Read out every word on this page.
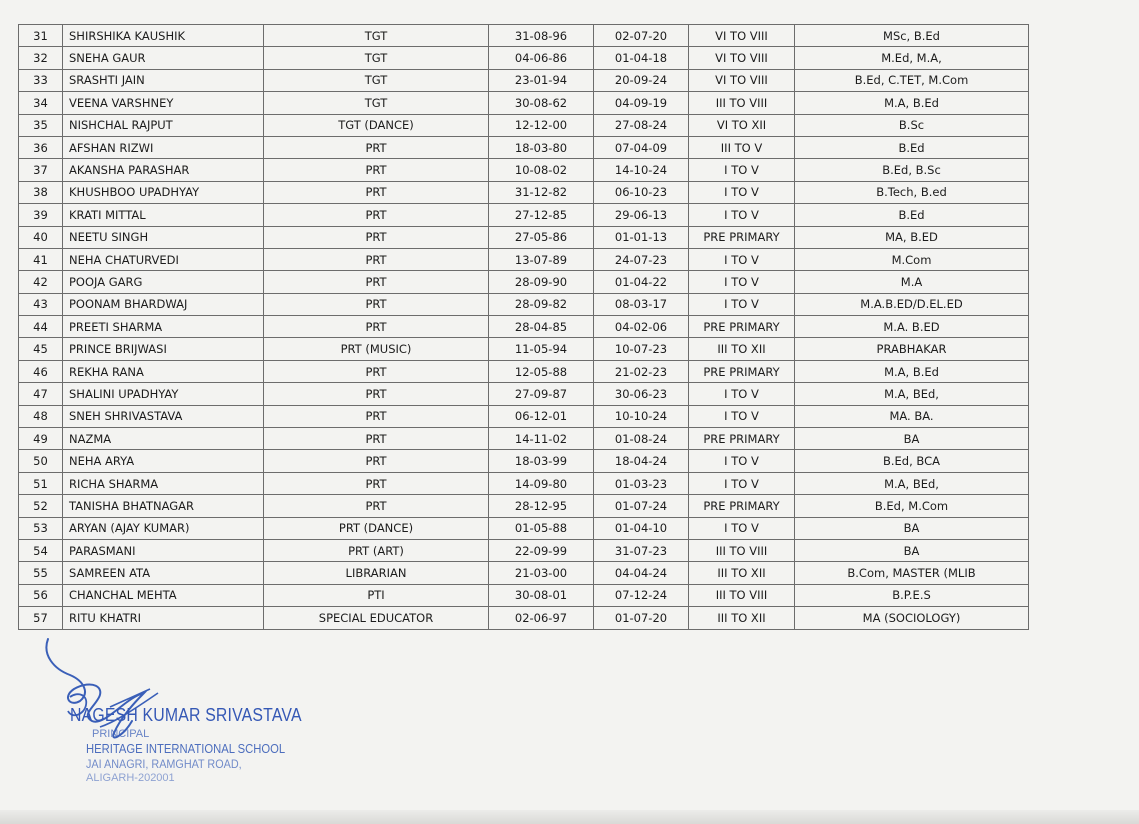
31	SHIRSHIKA KAUSHIK	TGT	31-08-96	02-07-20	VI TO VIII	MSc, B.Ed
32	SNEHA GAUR	TGT	04-06-86	01-04-18	VI TO VIII	M.Ed, M.A,
33	SRASHTI JAIN	TGT	23-01-94	20-09-24	VI TO VIII	B.Ed, C.TET, M.Com
34	VEENA VARSHNEY	TGT	30-08-62	04-09-19	III TO VIII	M.A, B.Ed
35	NISHCHAL RAJPUT	TGT (DANCE)	12-12-00	27-08-24	VI TO XII	B.Sc
36	AFSHAN RIZWI	PRT	18-03-80	07-04-09	III TO V	B.Ed
37	AKANSHA PARASHAR	PRT	10-08-02	14-10-24	I TO V	B.Ed, B.Sc
38	KHUSHBOO UPADHYAY	PRT	31-12-82	06-10-23	I TO V	B.Tech, B.ed
39	KRATI MITTAL	PRT	27-12-85	29-06-13	I TO V	B.Ed
40	NEETU SINGH	PRT	27-05-86	01-01-13	PRE PRIMARY	MA, B.ED
41	NEHA CHATURVEDI	PRT	13-07-89	24-07-23	I TO V	M.Com
42	POOJA GARG	PRT	28-09-90	01-04-22	I TO V	M.A
43	POONAM BHARDWAJ	PRT	28-09-82	08-03-17	I TO V	M.A.B.ED/D.EL.ED
44	PREETI SHARMA	PRT	28-04-85	04-02-06	PRE PRIMARY	M.A. B.ED
45	PRINCE BRIJWASI	PRT (MUSIC)	11-05-94	10-07-23	III TO XII	PRABHAKAR
46	REKHA RANA	PRT	12-05-88	21-02-23	PRE PRIMARY	M.A, B.Ed
47	SHALINI UPADHYAY	PRT	27-09-87	30-06-23	I TO V	M.A, BEd,
48	SNEH SHRIVASTAVA	PRT	06-12-01	10-10-24	I TO V	MA. BA.
49	NAZMA	PRT	14-11-02	01-08-24	PRE PRIMARY	BA
50	NEHA ARYA	PRT	18-03-99	18-04-24	I TO V	B.Ed, BCA
51	RICHA SHARMA	PRT	14-09-80	01-03-23	I TO V	M.A, BEd,
52	TANISHA BHATNAGAR	PRT	28-12-95	01-07-24	PRE PRIMARY	B.Ed, M.Com
53	ARYAN (AJAY KUMAR)	PRT (DANCE)	01-05-88	01-04-10	I TO V	BA
54	PARASMANI	PRT (ART)	22-09-99	31-07-23	III TO VIII	BA
55	SAMREEN ATA	LIBRARIAN	21-03-00	04-04-24	III TO XII	B.Com, MASTER (MLIB
56	CHANCHAL MEHTA	PTI	30-08-01	07-12-24	III TO VIII	B.P.E.S
57	RITU KHATRI	SPECIAL EDUCATOR	02-06-97	01-07-20	III TO XII	MA (SOCIOLOGY)
NAGESH KUMAR SRIVASTAVA
PRINCIPAL
HERITAGE INTERNATIONAL SCHOOL
JAI ANAGRI, RAMGHAT ROAD,
ALIGARH-202001
